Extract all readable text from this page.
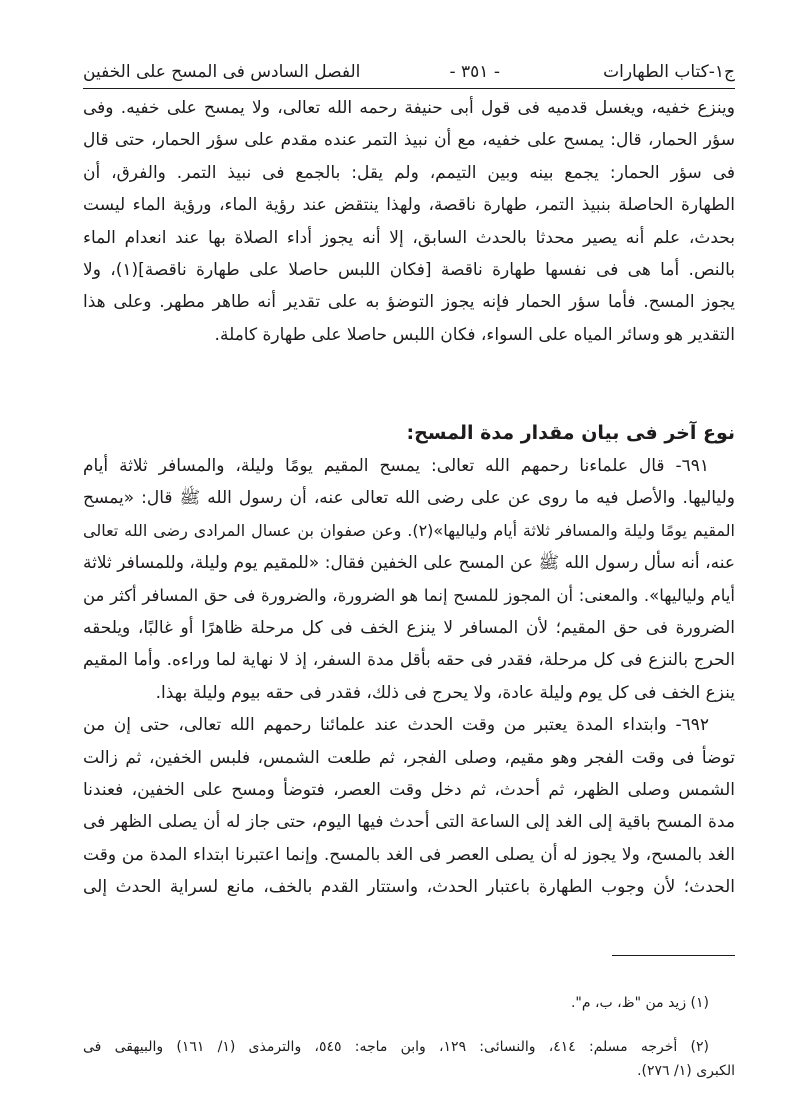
ج١-كتاب الطهارات
- ٣٥١ -
الفصل السادس فى المسح على الخفين
وينزع خفيه، ويغسل قدميه فى قول أبى حنيفة رحمه الله تعالى، ولا يمسح على خفيه. وفى
سؤر الحمار، قال: يمسح على خفيه، مع أن نبيذ التمر عنده مقدم على سؤر الحمار، حتى قال
فى سؤر الحمار: يجمع بينه وبين التيمم، ولم يقل: بالجمع فى نبيذ التمر. والفرق، أن
الطهارة الحاصلة بنبيذ التمر، طهارة ناقصة، ولهذا ينتقض عند رؤية الماء، ورؤية الماء ليست
بحدث، علم أنه يصير محدثا بالحدث السابق، إلا أنه يجوز أداء الصلاة بها عند انعدام الماء
بالنص. أما هى فى نفسها طهارة ناقصة [فكان اللبس حاصلا على طهارة ناقصة](١)، ولا
يجوز المسح. فأما سؤر الحمار فإنه يجوز التوضؤ به على تقدير أنه طاهر مطهر. وعلى هذا
التقدير هو وسائر المياه على السواء، فكان اللبس حاصلا على طهارة كاملة.
نوع آخر فى بيان مقدار مدة المسح:
٦٩١- قال علماءنا رحمهم الله تعالى: يمسح المقيم يومًا وليلة، والمسافر ثلاثة أيام
ولياليها. والأصل فيه ما روى عن على رضى الله تعالى عنه، أن رسول الله ﷺ قال: «يمسح
المقيم يومًا وليلة والمسافر ثلاثة أيام ولياليها»(٢). وعن صفوان بن عسال المرادى رضى الله تعالى
عنه، أنه سأل رسول الله ﷺ عن المسح على الخفين فقال: «للمقيم يوم وليلة، وللمسافر ثلاثة
أيام ولياليها». والمعنى: أن المجوز للمسح إنما هو الضرورة، والضرورة فى حق المسافر أكثر من
الضرورة فى حق المقيم؛ لأن المسافر لا ينزع الخف فى كل مرحلة ظاهرًا أو غالبًا، ويلحقه
الحرج بالنزع فى كل مرحلة، فقدر فى حقه بأقل مدة السفر، إذ لا نهاية لما وراءه. وأما المقيم
ينزع الخف فى كل يوم وليلة عادة، ولا يحرج فى ذلك، فقدر فى حقه بيوم وليلة بهذا.
٦٩٢- وابتداء المدة يعتبر من وقت الحدث عند علمائنا رحمهم الله تعالى، حتى إن من
توضأ فى وقت الفجر وهو مقيم، وصلى الفجر، ثم طلعت الشمس، فلبس الخفين، ثم زالت
الشمس وصلى الظهر، ثم أحدث، ثم دخل وقت العصر، فتوضأ ومسح على الخفين، فعندنا
مدة المسح باقية إلى الغد إلى الساعة التى أحدث فيها اليوم، حتى جاز له أن يصلى الظهر فى
الغد بالمسح، ولا يجوز له أن يصلى العصر فى الغد بالمسح. وإنما اعتبرنا ابتداء المدة من وقت
الحدث؛ لأن وجوب الطهارة باعتبار الحدث، واستتار القدم بالخف، مانع لسراية الحدث إلى
(١) زيد من "ظ، ب، م".
(٢) أخرجه مسلم: ٤١٤، والنسائى: ١٢٩، وابن ماجه: ٥٤٥، والترمذى (١/ ١٦١) والبيهقى فى
الكبرى (١/ ٢٧٦).
